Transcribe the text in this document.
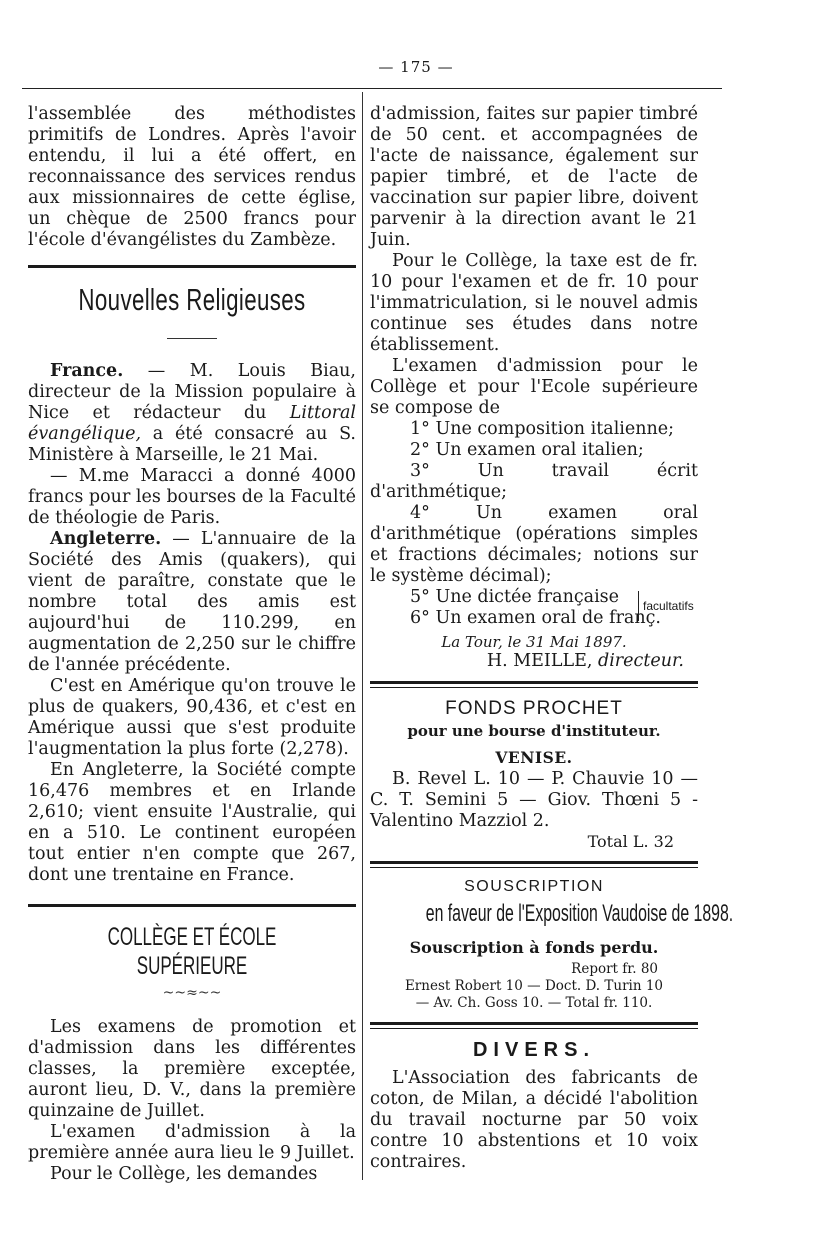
— 175 —

l'assemblée des méthodistes primitifs de Londres. Après l'avoir entendu, il lui a été offert, en reconnaissance des services rendus aux missionnaires de cette église, un chèque de 2500 francs pour l'école d'évangélistes du Zambèze.

Nouvelles Religieuses

France. — M. Louis Biau, directeur de la Mission populaire à Nice et rédacteur du Littoral évangélique, a été consacré au S. Ministère à Marseille, le 21 Mai.

— M.me Maracci a donné 4000 francs pour les bourses de la Faculté de théologie de Paris.

Angleterre. — L'annuaire de la Société des Amis (quakers), qui vient de paraître, constate que le nombre total des amis est aujourd'hui de 110.299, en augmentation de 2,250 sur le chiffre de l'année précédente.

C'est en Amérique qu'on trouve le plus de quakers, 90,436, et c'est en Amérique aussi que s'est produite l'augmentation la plus forte (2,278).

En Angleterre, la Société compte 16,476 membres et en Irlande 2,610; vient ensuite l'Australie, qui en a 510. Le continent européen tout entier n'en compte que 267, dont une trentaine en France.

COLLÈGE ET ÉCOLE SUPÉRIEURE
~~≈~~

Les examens de promotion et d'admission dans les différentes classes, la première exceptée, auront lieu, D. V., dans la première quinzaine de Juillet.

L'examen d'admission à la première année aura lieu le 9 Juillet.

Pour le Collège, les demandes

d'admission, faites sur papier timbré de 50 cent. et accompagnées de l'acte de naissance, également sur papier timbré, et de l'acte de vaccination sur papier libre, doivent parvenir à la direction avant le 21 Juin.

Pour le Collège, la taxe est de fr. 10 pour l'examen et de fr. 10 pour l'immatriculation, si le nouvel admis continue ses études dans notre établissement.

L'examen d'admission pour le Collège et pour l'Ecole supérieure se compose de

1° Une composition italienne;

2° Un examen oral italien;

3° Un travail écrit d'arithmétique;

4° Un examen oral d'arithmétique (opérations simples et fractions décimales; notions sur le système décimal);

5° Une dictée française

6° Un examen oral de franç.

facultatifs
La Tour, le 31 Mai 1897.
H. MEILLE, directeur.
FONDS PROCHET
pour une bourse d'instituteur.
VENISE.

B. Revel L. 10 — P. Chauvie 10 — C. T. Semini 5 — Giov. Thœni 5 - Valentino Mazziol 2.

Total L. 32
SOUSCRIPTION
en faveur de l'Exposition Vaudoise de 1898.
Souscription à fonds perdu.
Report fr. 80
Ernest Robert 10 — Doct. D. Turin 10
— Av. Ch. Goss 10. — Total fr. 110.
DIVERS.

L'Association des fabricants de coton, de Milan, a décidé l'abolition du travail nocturne par 50 voix contre 10 abstentions et 10 voix contraires.
